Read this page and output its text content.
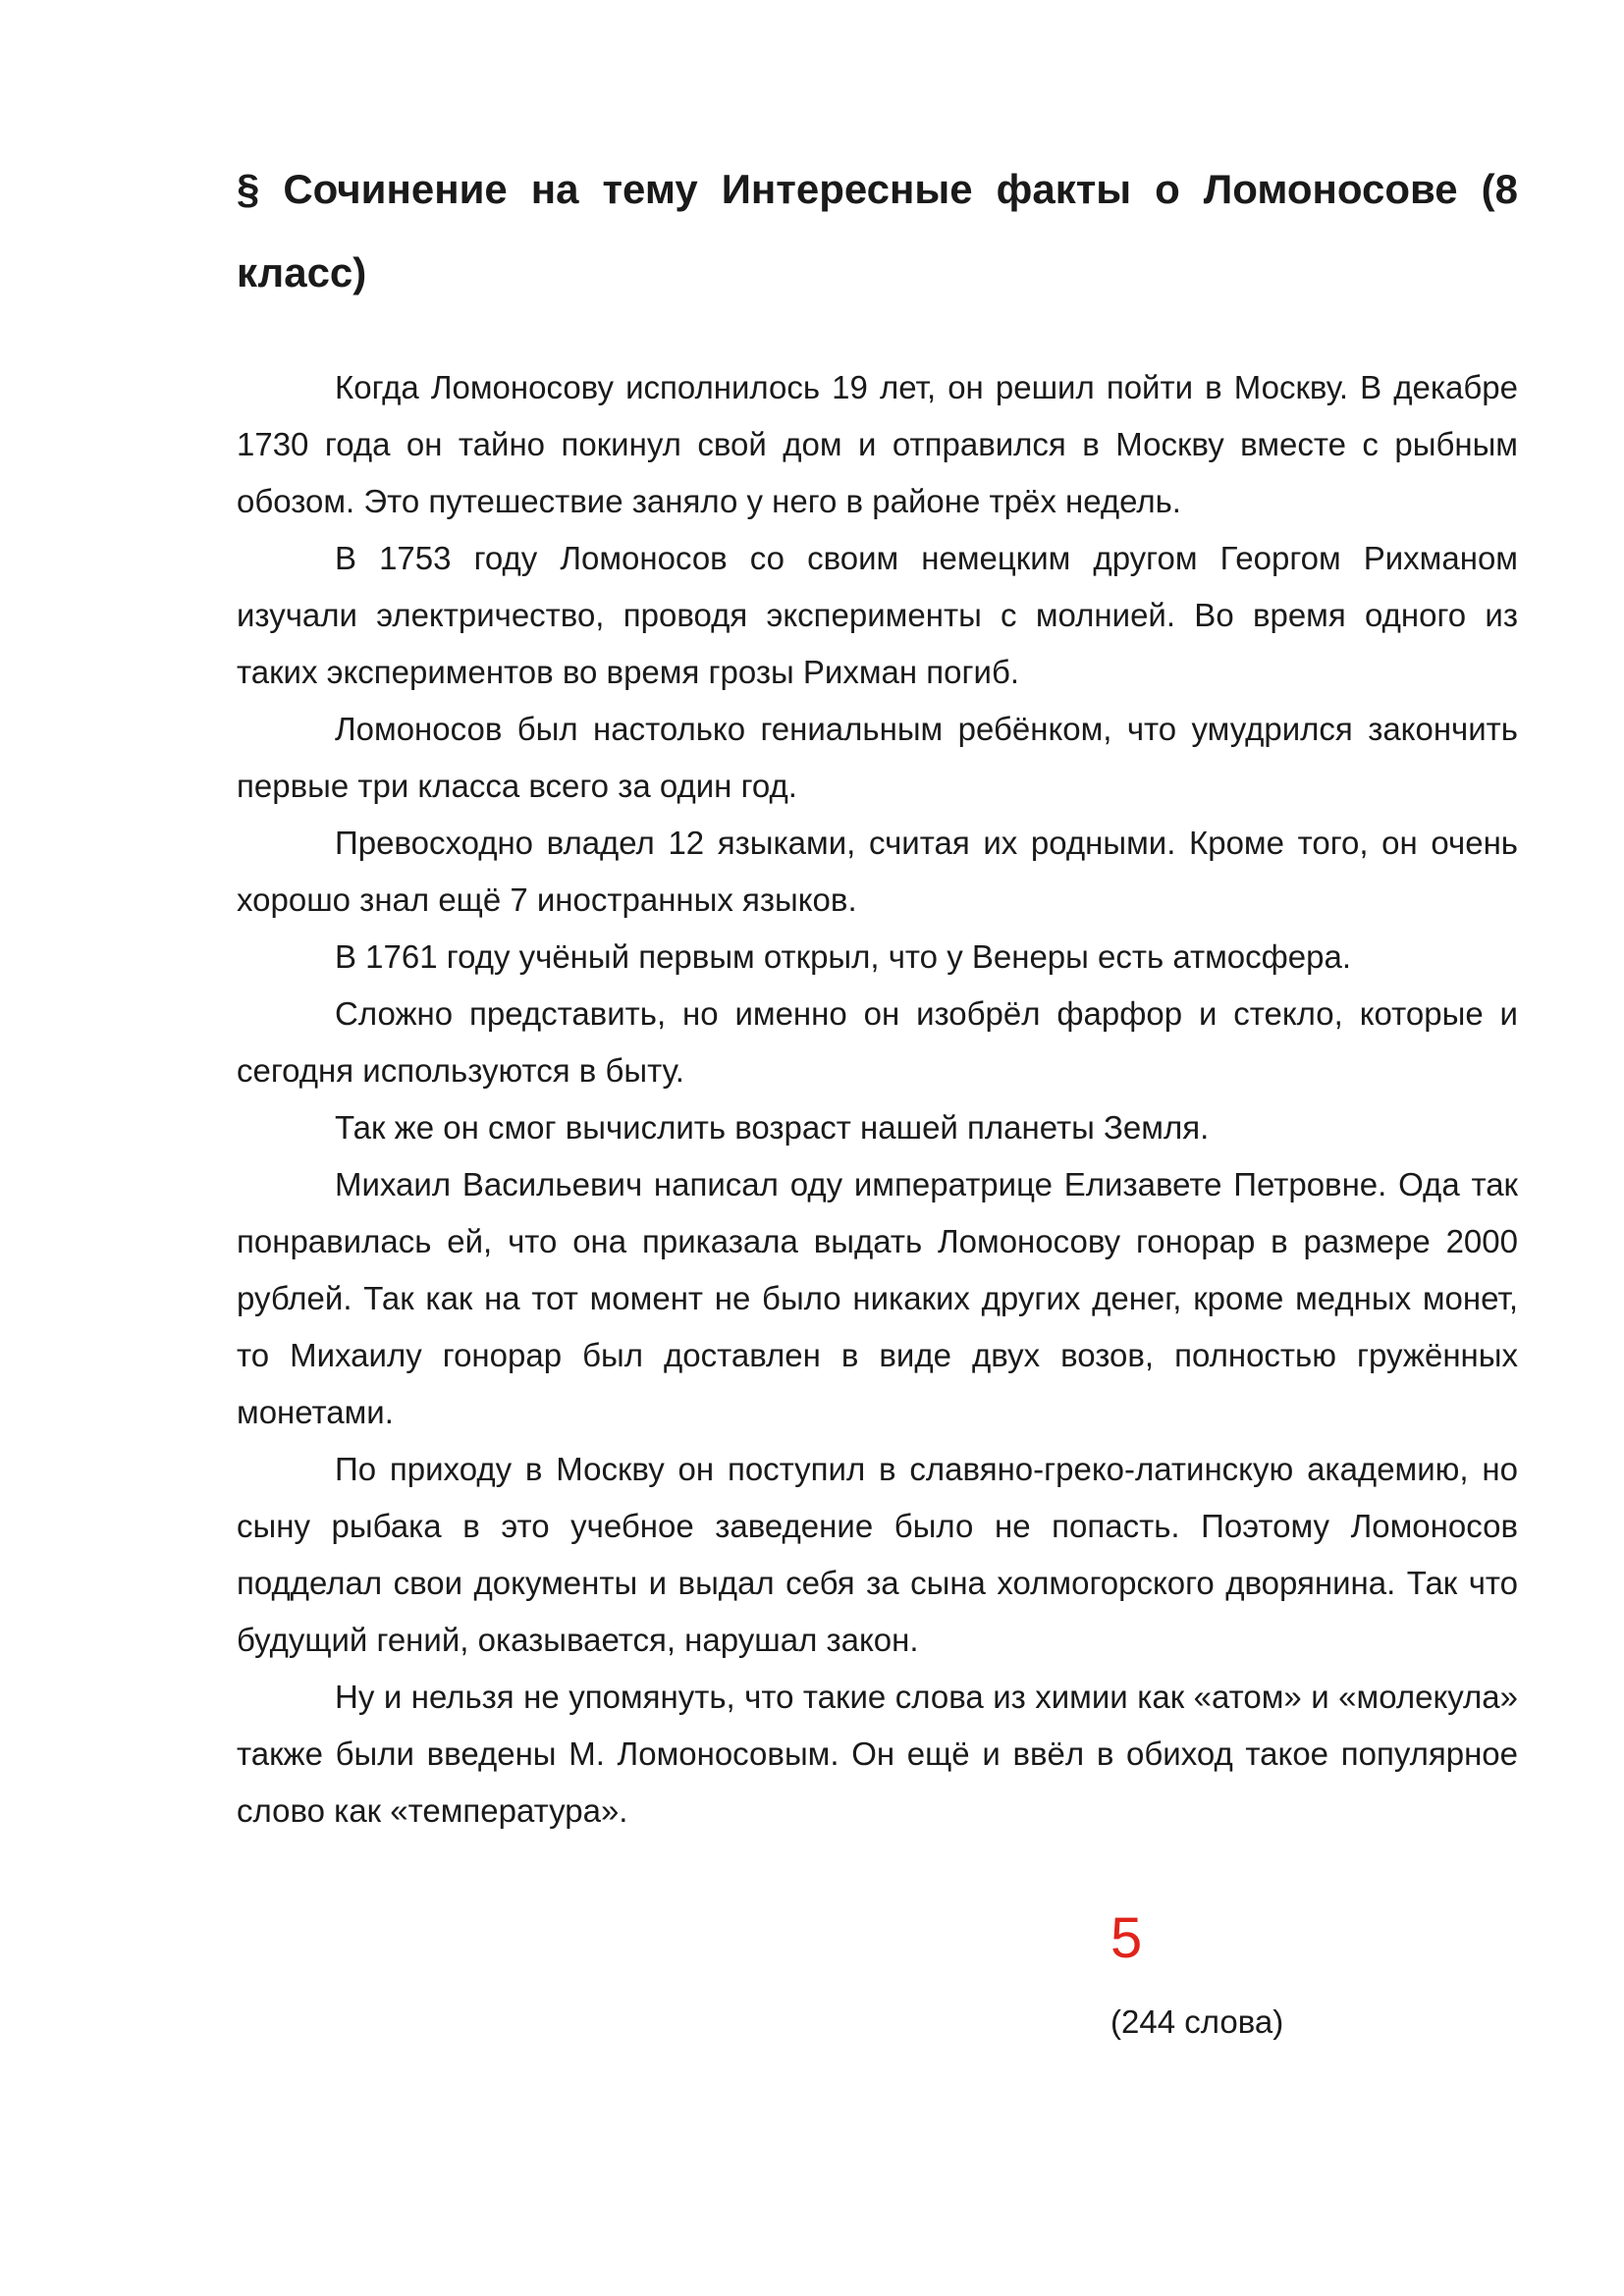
§ Сочинение на тему Интересные факты о Ломоносове (8 класс)

Когда Ломоносову исполнилось 19 лет, он решил пойти в Москву. В декабре 1730 года он тайно покинул свой дом и отправился в Москву вместе с рыбным обозом. Это путешествие заняло у него в районе трёх недель.

В 1753 году Ломоносов со своим немецким другом Георгом Рихманом изучали электричество, проводя эксперименты с молнией. Во время одного из таких экспериментов во время грозы Рихман погиб.

Ломоносов был настолько гениальным ребёнком, что умудрился закончить первые три класса всего за один год.

Превосходно владел 12 языками, считая их родными. Кроме того, он очень хорошо знал ещё 7 иностранных языков.

В 1761 году учёный первым открыл, что у Венеры есть атмосфера.

Сложно представить, но именно он изобрёл фарфор и стекло, которые и сегодня используются в быту.

Так же он смог вычислить возраст нашей планеты Земля.

Михаил Васильевич написал оду императрице Елизавете Петровне. Ода так понравилась ей, что она приказала выдать Ломоносову гонорар в размере 2000 рублей. Так как на тот момент не было никаких других денег, кроме медных монет, то Михаилу гонорар был доставлен в виде двух возов, полностью гружённых монетами.

По приходу в Москву он поступил в славяно-греко-латинскую академию, но сыну рыбака в это учебное заведение было не попасть. Поэтому Ломоносов подделал свои документы и выдал себя за сына холмогорского дворянина. Так что будущий гений, оказывается, нарушал закон.

Ну и нельзя не упомянуть, что такие слова из химии как «атом» и «молекула» также были введены М. Ломоносовым. Он ещё и ввёл в обиход такое популярное слово как «температура».

5
(244 слова)
